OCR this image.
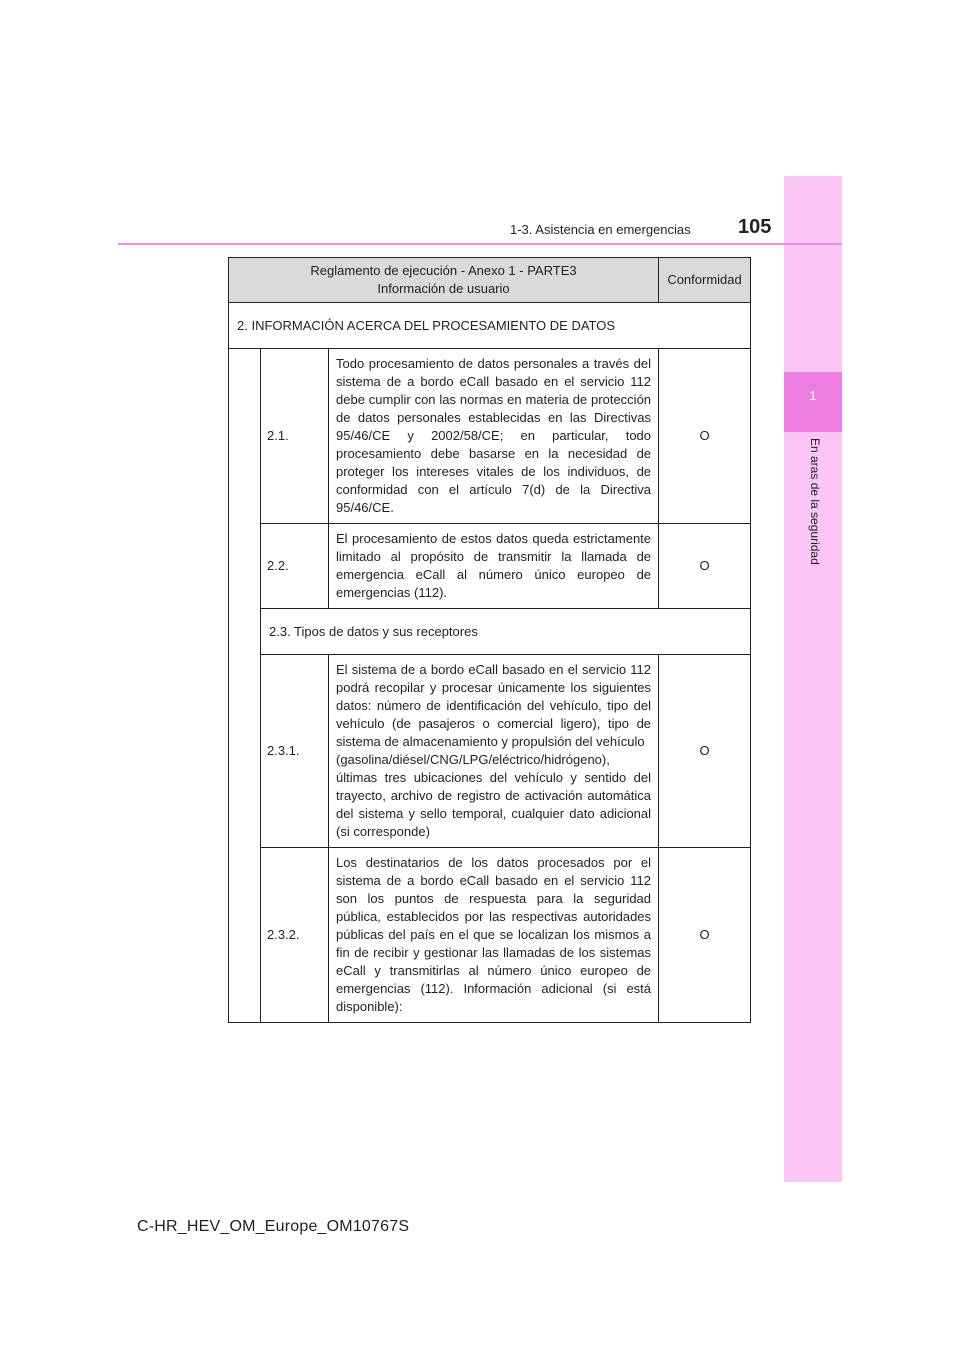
1
En aras de la seguridad
1-3. Asistencia en emergencias 105
Reglamento de ejecución - Anexo 1 - PARTE3
Información de usuario			Conformidad
2. INFORMACIÓN ACERCA DEL PROCESAMIENTO DE DATOS			
	2.1.	Todo procesamiento de datos personales a través del sistema de a bordo eCall basado en el servicio 112 debe cumplir con las normas en materia de protección de datos personales establecidas en las Directivas 95/46/CE y 2002/58/CE; en particular, todo procesamiento debe basarse en la necesidad de proteger los intereses vitales de los individuos, de conformidad con el artículo 7(d) de la Directiva 95/46/CE.	O
	2.2.	El procesamiento de estos datos queda estrictamente limitado al propósito de transmitir la llamada de emergencia eCall al número único europeo de emergencias (112).	O
	2.3. Tipos de datos y sus receptores		
	2.3.1.	El sistema de a bordo eCall basado en el servicio 112 podrá recopilar y procesar únicamente los siguientes datos: número de identificación del vehículo, tipo del vehículo (de pasajeros o comercial ligero), tipo de sistema de almacenamiento y propulsión del vehículo
(gasolina/diésel/CNG/LPG/eléctrico/hidrógeno),
últimas tres ubicaciones del vehículo y sentido del trayecto, archivo de registro de activación automática del sistema y sello temporal, cualquier dato adicional (si corresponde)	O
	2.3.2.	Los destinatarios de los datos procesados por el sistema de a bordo eCall basado en el servicio 112 son los puntos de respuesta para la seguridad pública, establecidos por las respectivas autoridades públicas del país en el que se localizan los mismos a fin de recibir y gestionar las llamadas de los sistemas eCall y transmitirlas al número único europeo de emergencias (112). Información adicional (si está disponible):	O
C-HR_HEV_OM_Europe_OM10767S
